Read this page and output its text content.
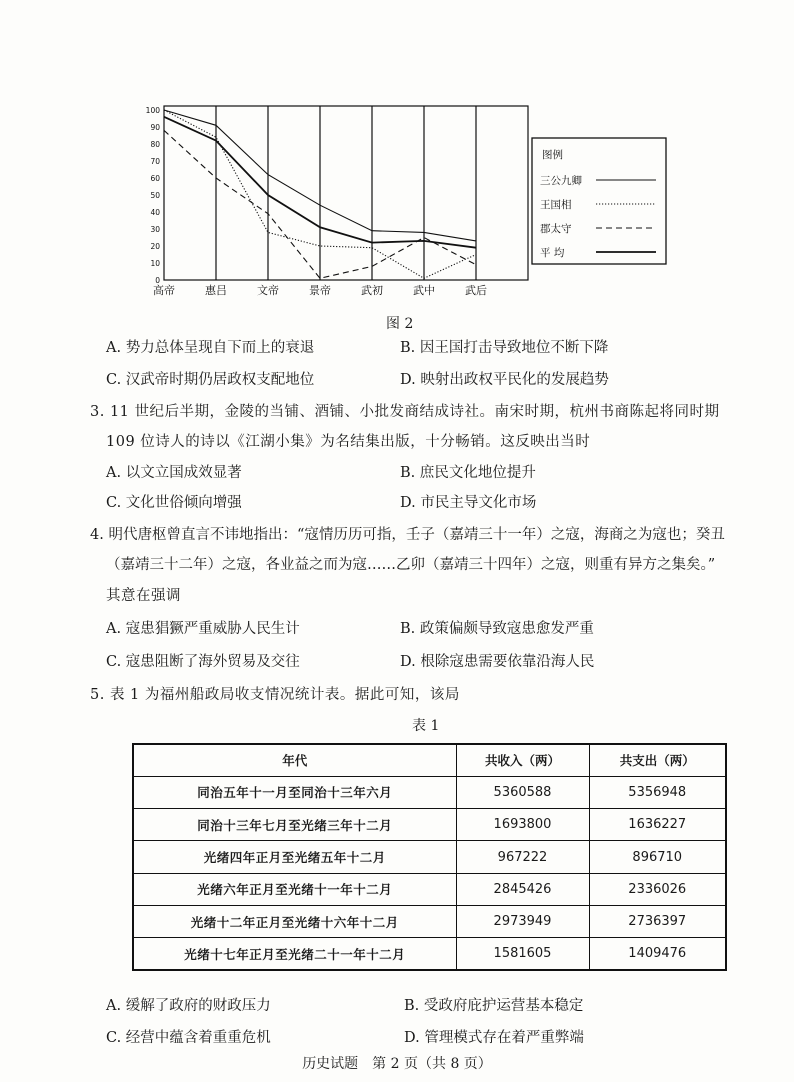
0
10
20
30
40
50
60
70
80
90
100
高帝	惠吕	文帝	景帝	武初	武中	武后
图例
三公九卿
王国相
郡太守
平 均
图 2
A. 势力总体呈现自下而上的衰退	B. 因王国打击导致地位不断下降
C. 汉武帝时期仍居政权支配地位	D. 映射出政权平民化的发展趋势
3. 11 世纪后半期，金陵的当铺、酒铺、小批发商结成诗社。南宋时期，杭州书商陈起将同时期
109 位诗人的诗以《江湖小集》为名结集出版，十分畅销。这反映出当时
A. 以文立国成效显著	B. 庶民文化地位提升
C. 文化世俗倾向增强	D. 市民主导文化市场
4. 明代唐枢曾直言不讳地指出：“寇情历历可指，壬子（嘉靖三十一年）之寇，海商之为寇也；癸丑
（嘉靖三十二年）之寇，各业益之而为寇……乙卯（嘉靖三十四年）之寇，则重有异方之集矣。”
其意在强调
A. 寇患猖獗严重威胁人民生计	B. 政策偏颇导致寇患愈发严重
C. 寇患阻断了海外贸易及交往	D. 根除寇患需要依靠沿海人民
5. 表 1 为福州船政局收支情况统计表。据此可知，该局
表 1
年代	共收入（两）	共支出（两）
同治五年十一月至同治十三年六月	5360588	5356948
同治十三年七月至光绪三年十二月	1693800	1636227
光绪四年正月至光绪五年十二月	967222	896710
光绪六年正月至光绪十一年十二月	2845426	2336026
光绪十二年正月至光绪十六年十二月	2973949	2736397
光绪十七年正月至光绪二十一年十二月	1581605	1409476
A. 缓解了政府的财政压力	B. 受政府庇护运营基本稳定
C. 经营中蕴含着重重危机	D. 管理模式存在着严重弊端
历史试题　第 2 页（共 8 页）
